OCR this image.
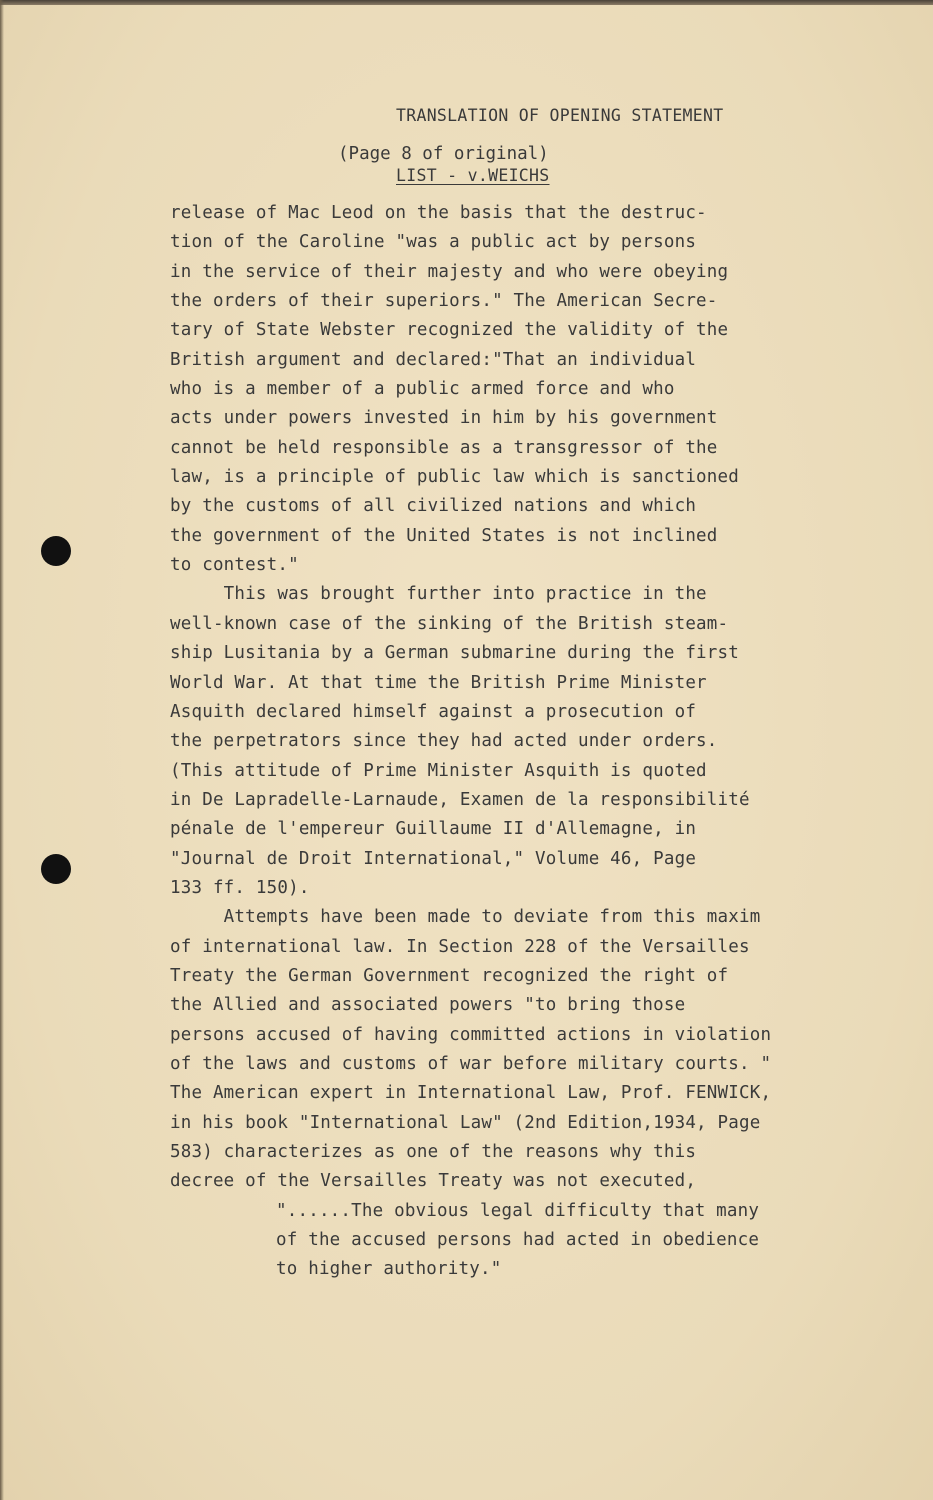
TRANSLATION OF OPENING STATEMENT

LIST - v.WEICHS

(Page 8 of original)
release of Mac Leod on the basis that the destruc-
tion of the Caroline "was a public act by persons
in the service of their majesty and who were obeying
the orders of their superiors." The American Secre-
tary of State Webster recognized the validity of the
British argument and declared:"That an individual
who is a member of a public armed force and who
acts under powers invested in him by his government
cannot be held responsible as a transgressor of the
law, is a principle of public law which is sanctioned
by the customs of all civilized nations and which
the government of the United States is not inclined
to contest."
This was brought further into practice in the
well-known case of the sinking of the British steam-
ship Lusitania by a German submarine during the first
World War. At that time the British Prime Minister
Asquith declared himself against a prosecution of
the perpetrators since they had acted under orders.
(This attitude of Prime Minister Asquith is quoted
in De Lapradelle-Larnaude, Examen de la responsibilité
pénale de l'empereur Guillaume II d'Allemagne, in
"Journal de Droit International," Volume 46, Page
133 ff. 150).
Attempts have been made to deviate from this maxim
of international law. In Section 228 of the Versailles
Treaty the German Government recognized the right of
the Allied and associated powers "to bring those
persons accused of having committed actions in violation
of the laws and customs of war before military courts. "
The American expert in International Law, Prof. FENWICK,
in his book "International Law" (2nd Edition,1934, Page
583) characterizes as one of the reasons why this
decree of the Versailles Treaty was not executed,
"......The obvious legal difficulty that many
of the accused persons had acted in obedience
to higher authority."
